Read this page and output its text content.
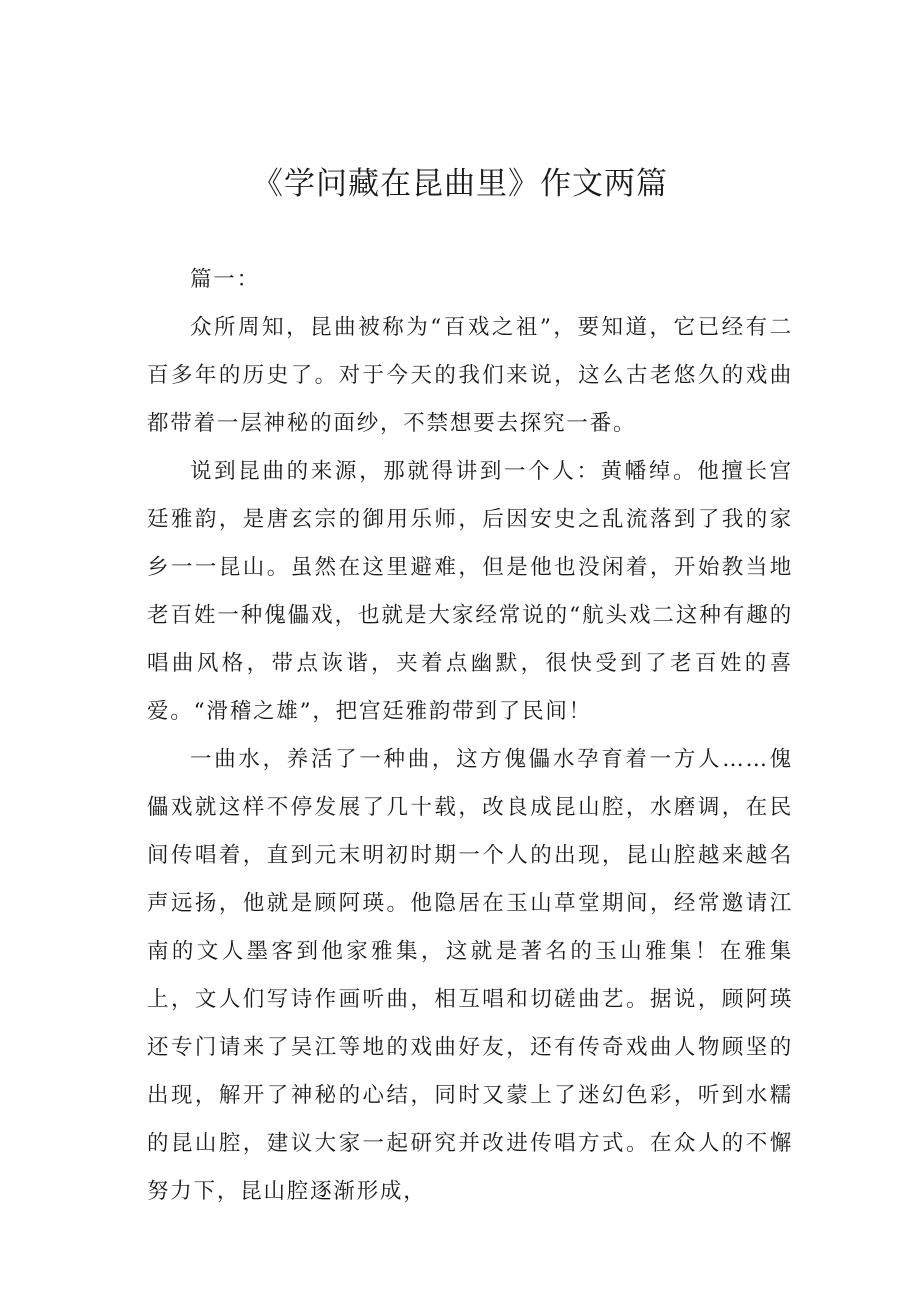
《学问藏在昆曲里》作文两篇

篇一：

众所周知，昆曲被称为“百戏之祖”，要知道，它已经有二百多年的历史了。对于今天的我们来说，这么古老悠久的戏曲都带着一层神秘的面纱，不禁想要去探究一番。

说到昆曲的来源，那就得讲到一个人：黄幡绰。他擅长宫廷雅韵，是唐玄宗的御用乐师，后因安史之乱流落到了我的家乡一一昆山。虽然在这里避难，但是他也没闲着，开始教当地老百姓一种傀儡戏，也就是大家经常说的“航头戏二这种有趣的唱曲风格，带点诙谐，夹着点幽默，很快受到了老百姓的喜爱。“滑稽之雄”，把宫廷雅韵带到了民间！

一曲水，养活了一种曲，这方傀儡水孕育着一方人……傀儡戏就这样不停发展了几十载，改良成昆山腔，水磨调，在民间传唱着，直到元末明初时期一个人的出现，昆山腔越来越名声远扬，他就是顾阿瑛。他隐居在玉山草堂期间，经常邀请江南的文人墨客到他家雅集，这就是著名的玉山雅集！在雅集上，文人们写诗作画听曲，相互唱和切磋曲艺。据说，顾阿瑛还专门请来了吴江等地的戏曲好友，还有传奇戏曲人物顾坚的出现，解开了神秘的心结，同时又蒙上了迷幻色彩，听到水糯的昆山腔，建议大家一起研究并改进传唱方式。在众人的不懈努力下，昆山腔逐渐形成，
